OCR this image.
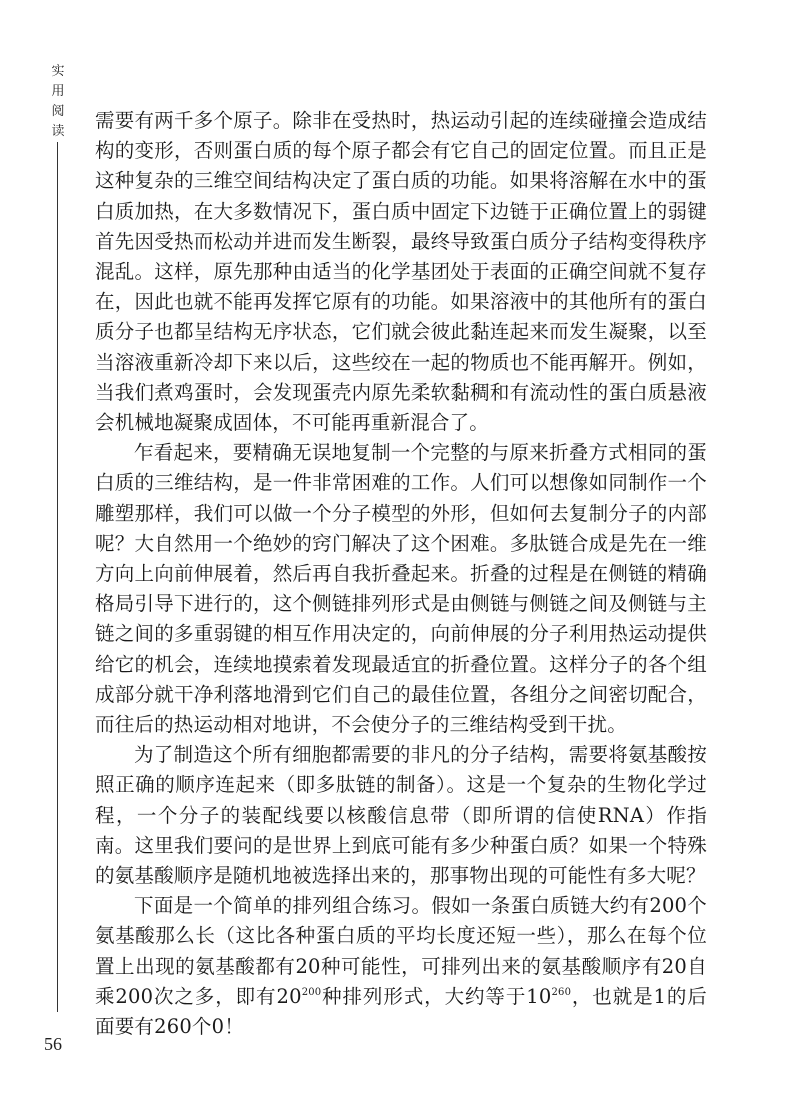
实用阅读 需要有两千多个原子。除非在受热时，热运动引起的连续碰撞会造成结构的变形，否则蛋白质的每个原子都会有它自己的固定位置。而且正是这种复杂的三维空间结构决定了蛋白质的功能。如果将溶解在水中的蛋白质加热，在大多数情况下，蛋白质中固定下边链于正确位置上的弱键首先因受热而松动并进而发生断裂，最终导致蛋白质分子结构变得秩序混乱。这样，原先那种由适当的化学基团处于表面的正确空间就不复存在，因此也就不能再发挥它原有的功能。如果溶液中的其他所有的蛋白质分子也都呈结构无序状态，它们就会彼此黏连起来而发生凝聚，以至当溶液重新冷却下来以后，这些绞在一起的物质也不能再解开。例如，当我们煮鸡蛋时，会发现蛋壳内原先柔软黏稠和有流动性的蛋白质悬液会机械地凝聚成固体，不可能再重新混合了。

乍看起来，要精确无误地复制一个完整的与原来折叠方式相同的蛋白质的三维结构，是一件非常困难的工作。人们可以想像如同制作一个雕塑那样，我们可以做一个分子模型的外形，但如何去复制分子的内部呢？大自然用一个绝妙的窍门解决了这个困难。多肽链合成是先在一维方向上向前伸展着，然后再自我折叠起来。折叠的过程是在侧链的精确格局引导下进行的，这个侧链排列形式是由侧链与侧链之间及侧链与主链之间的多重弱键的相互作用决定的，向前伸展的分子利用热运动提供给它的机会，连续地摸索着发现最适宜的折叠位置。这样分子的各个组成部分就干净利落地滑到它们自己的最佳位置，各组分之间密切配合，而往后的热运动相对地讲，不会使分子的三维结构受到干扰。

为了制造这个所有细胞都需要的非凡的分子结构，需要将氨基酸按照正确的顺序连起来（即多肽链的制备）。这是一个复杂的生物化学过程，一个分子的装配线要以核酸信息带（即所谓的信使RNA）作指南。这里我们要问的是世界上到底可能有多少种蛋白质？如果一个特殊的氨基酸顺序是随机地被选择出来的，那事物出现的可能性有多大呢？

下面是一个简单的排列组合练习。假如一条蛋白质链大约有200个氨基酸那么长（这比各种蛋白质的平均长度还短一些），那么在每个位置上出现的氨基酸都有20种可能性，可排列出来的氨基酸顺序有20自乘200次之多，即有$20^{200}$种排列形式，大约等于$10^{260}$，也就是1的后面要有260个0！

56
